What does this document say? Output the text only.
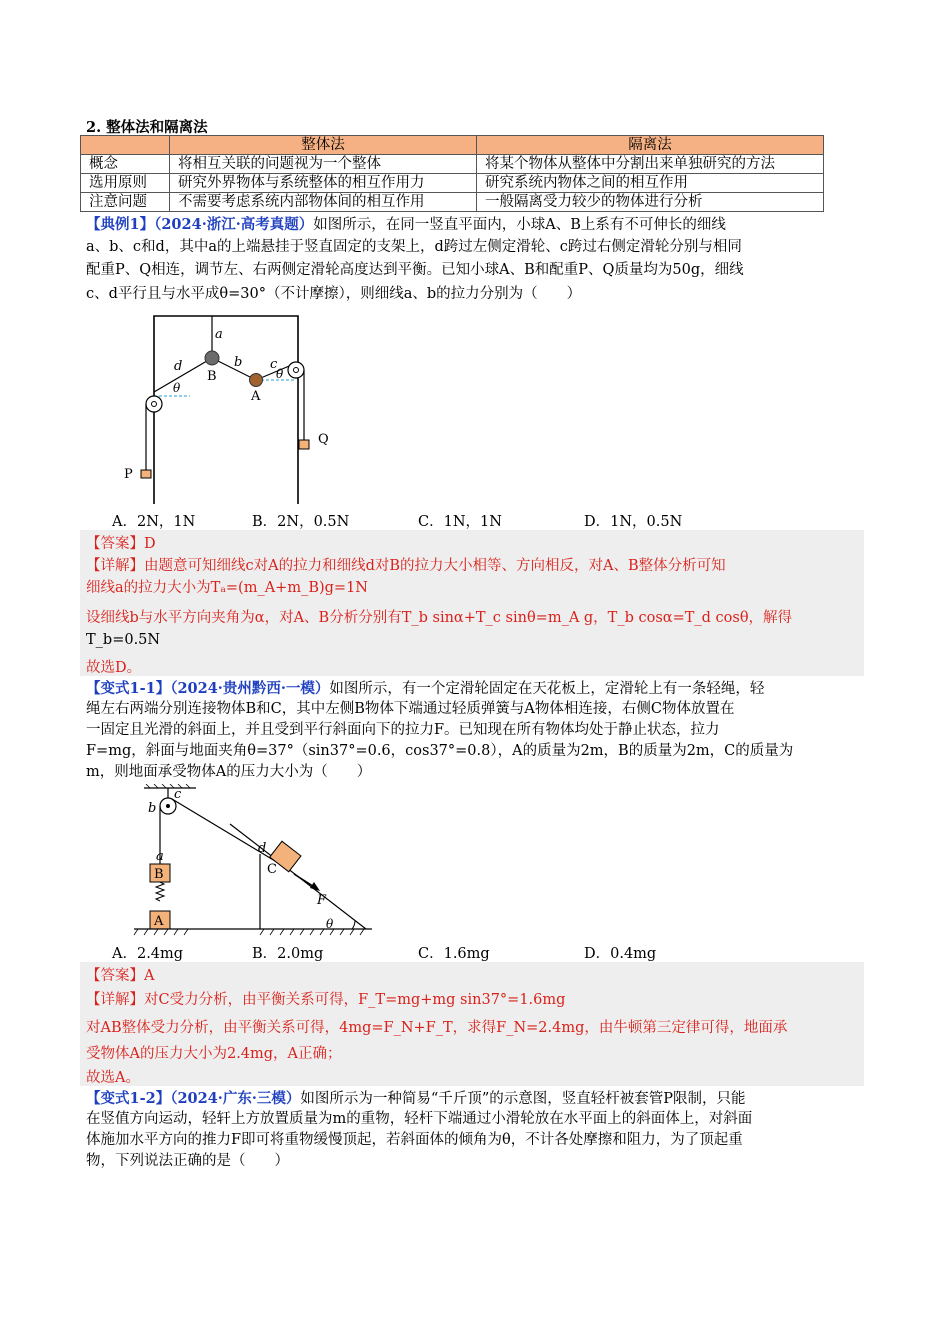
2. 整体法和隔离法
	整体法	隔离法
概念	将相互关联的问题视为一个整体	将某个物体从整体中分割出来单独研究的方法
选用原则	研究外界物体与系统整体的相互作用力	研究系统内物体之间的相互作用
注意问题	不需要考虑系统内部物体间的相互作用	一般隔离受力较少的物体进行分析
【典例1】（2024·浙江·高考真题）如图所示，在同一竖直平面内，小球A、B上系有不可伸长的细线
a、b、c和d，其中a的上端悬挂于竖直固定的支架上，d跨过左侧定滑轮、c跨过右侧定滑轮分别与相同
配重P、Q相连，调节左、右两侧定滑轮高度达到平衡。已知小球A、B和配重P、Q质量均为50g，细线
c、d平行且与水平成θ=30°（不计摩擦），则细线a、b的拉力分别为（　　）
a
b c
d
B
A
P
Q
θ
θ
A．2N，1N	B．2N，0.5N	C．1N，1N	D．1N，0.5N
【答案】D
【详解】由题意可知细线c对A的拉力和细线d对B的拉力大小相等、方向相反，对A、B整体分析可知
细线a的拉力大小为Tₐ=(m_A+m_B)g=1N
设细线b与水平方向夹角为α，对A、B分析分别有T_b sinα+T_c sinθ=m_A g，T_b cosα=T_d cosθ，解得
T_b=0.5N
故选D。
【变式1-1】（2024·贵州黔西·一模）如图所示，有一个定滑轮固定在天花板上，定滑轮上有一条轻绳，轻
绳左右两端分别连接物体B和C，其中左侧B物体下端通过轻质弹簧与A物体相连接，右侧C物体放置在
一固定且光滑的斜面上，并且受到平行斜面向下的拉力F。已知现在所有物体均处于静止状态，拉力
F=mg，斜面与地面夹角θ=37°（sin37°=0.6，cos37°=0.8），A的质量为2m，B的质量为2m，C的质量为
m，则地面承受物体A的压力大小为（　　）
a
b
c
d
B
A
C
F
θ
A．2.4mg	B．2.0mg	C．1.6mg	D．0.4mg
【答案】A
【详解】对C受力分析，由平衡关系可得，F_T=mg+mg sin37°=1.6mg
对AB整体受力分析，由平衡关系可得，4mg=F_N+F_T，求得F_N=2.4mg，由牛顿第三定律可得，地面承
受物体A的压力大小为2.4mg，A正确；
故选A。
【变式1-2】（2024·广东·三模）如图所示为一种简易“千斤顶”的示意图，竖直轻杆被套管P限制，只能
在竖值方向运动，轻轩上方放置质量为m的重物，轻杆下端通过小滑轮放在水平面上的斜面体上，对斜面
体施加水平方向的推力F即可将重物缓慢顶起，若斜面体的倾角为θ，不计各处摩擦和阻力，为了顶起重
物，下列说法正确的是（　　）
